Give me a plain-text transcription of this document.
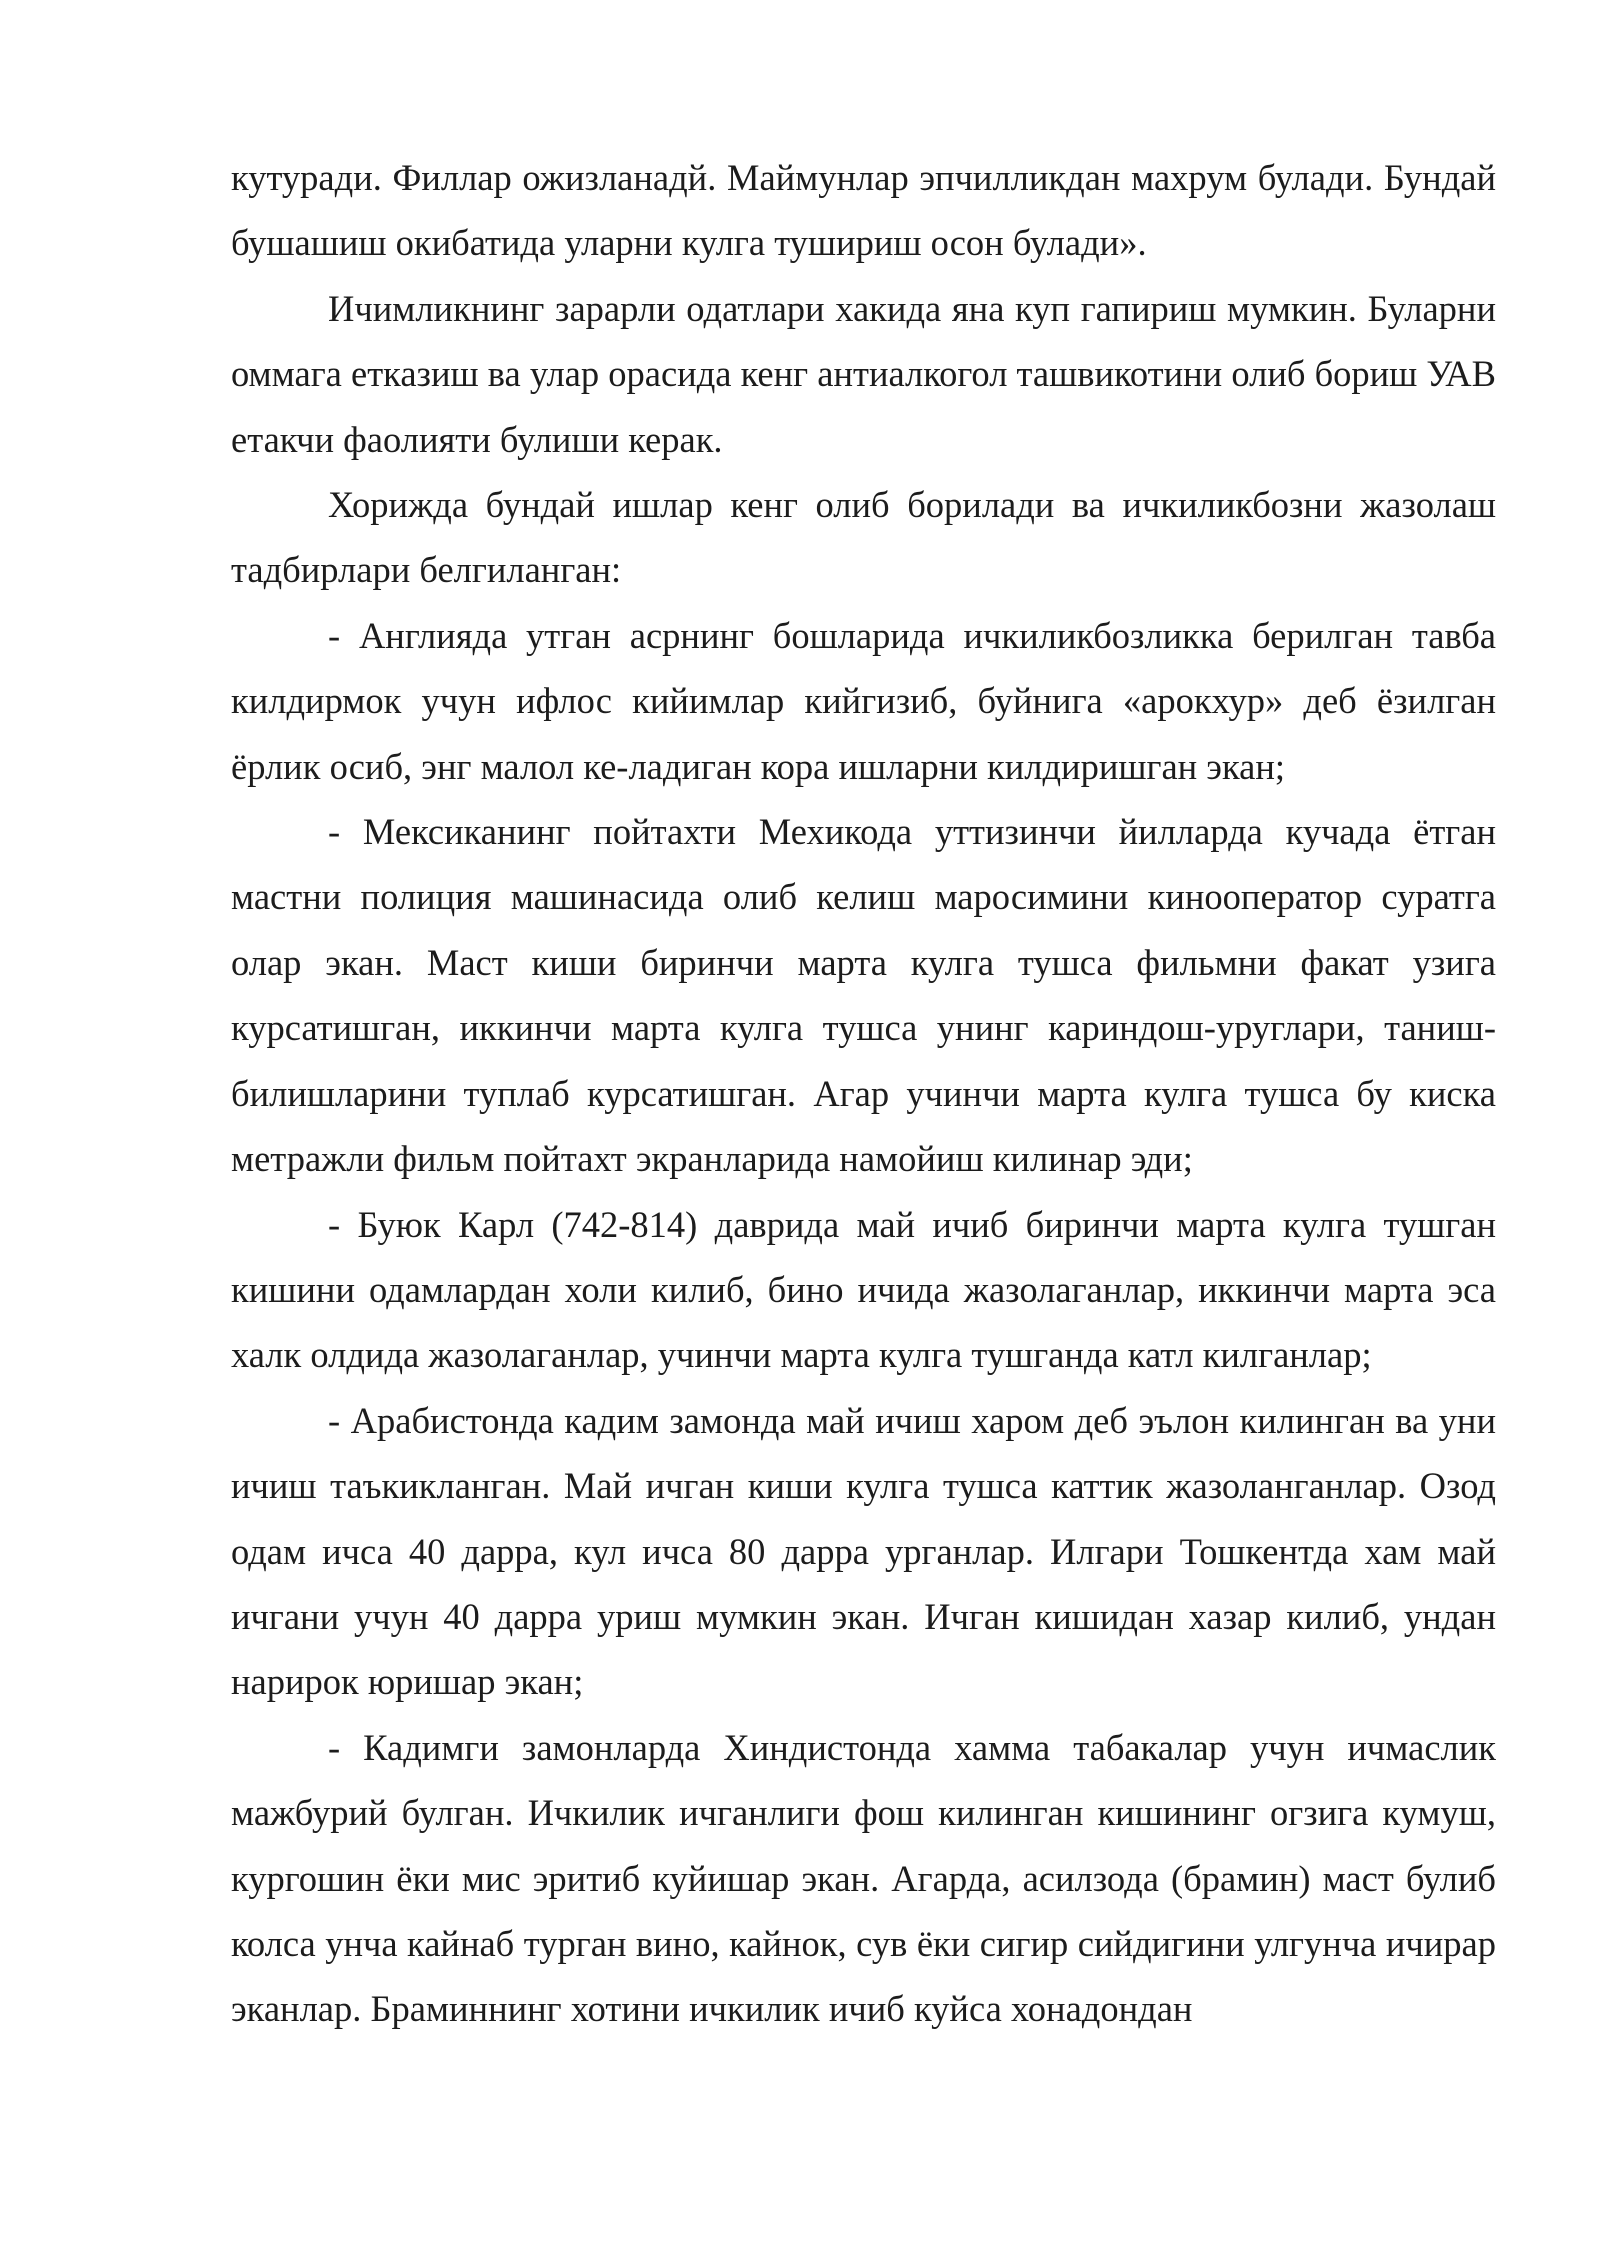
кутуради. Филлар ожизланадй. Маймунлар эпчилликдан махрум булади. Бундай бушашиш окибатида уларни кулга тушириш осон булади».

Ичимликнинг зарарли одатлари хакида яна куп гапириш мумкин. Буларни оммага етказиш ва улар орасида кенг антиалкогол ташвикотини олиб бориш УАВ етакчи фаолияти булиши керак.

Хорижда бундай ишлар кенг олиб борилади ва ичкиликбозни жазолаш тадбирлари белгиланган:

- Англияда утган асрнинг бошларида ичкиликбозликка берилган тавба килдирмок учун ифлос кийимлар кийгизиб, буйнига «арокхур» деб ёзилган ёрлик осиб, энг малол ке-ладиган кора ишларни килдиришган экан;

- Мексиканинг пойтахти Мехикода уттизинчи йилларда кучада ётган мастни полиция машинасида олиб келиш маросимини кинооператор суратга олар экан. Маст киши биринчи марта кулга тушса фильмни факат узига курсатишган, иккинчи марта кулга тушса унинг кариндош-уруглари, таниш-билишларини туплаб курсатишган. Агар учинчи марта кулга тушса бу киска метражли фильм пойтахт экранларида намойиш килинар эди;

- Буюк Карл (742-814) даврида май ичиб биринчи марта кулга тушган кишини одамлардан холи килиб, бино ичида жазолаганлар, иккинчи марта эса халк олдида жазолаганлар, учинчи марта кулга тушганда катл килганлар;

- Арабистонда кадим замонда май ичиш харом деб эълон килинган ва уни ичиш таъкикланган. Май ичган киши кулга тушса каттик жазоланганлар. Озод одам ичса 40 дарра, кул ичса 80 дарра урганлар. Илгари Тошкентда хам май ичгани учун 40 дарра уриш мумкин экан. Ичган кишидан хазар килиб, ундан нарирок юришар экан;

- Кадимги замонларда Хиндистонда хамма табакалар учун ичмаслик мажбурий булган. Ичкилик ичганлиги фош килинган кишининг огзига кумуш, кургошин ёки мис эритиб куйишар экан. Агарда, асилзода (брамин) маст булиб колса унча кайнаб турган вино, кайнок, сув ёки сигир сийдигини улгунча ичирар эканлар. Браминнинг хотини ичкилик ичиб куйса хонадондан
